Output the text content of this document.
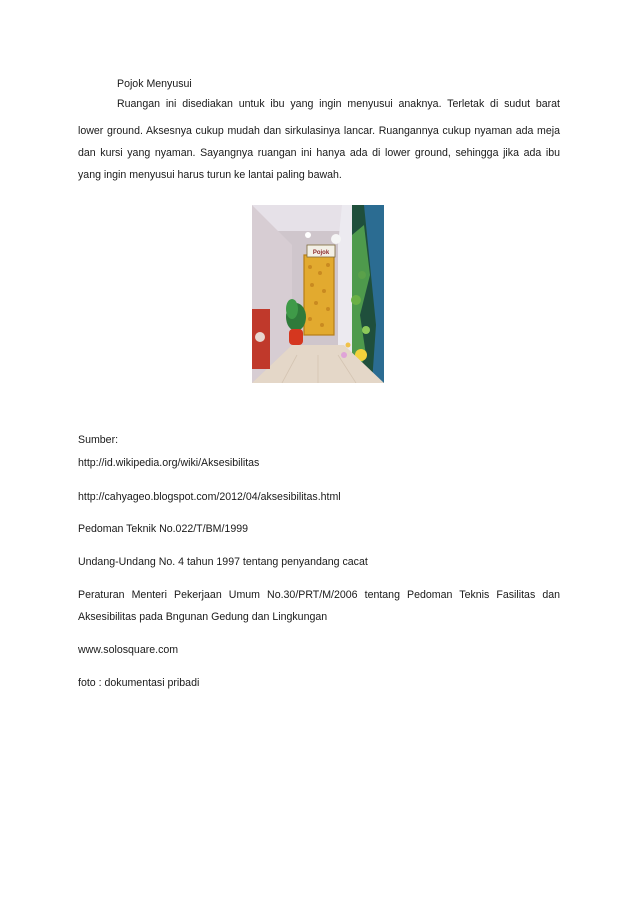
Pojok Menyusui
Ruangan ini disediakan untuk ibu yang ingin menyusui anaknya. Terletak di sudut barat
lower ground. Aksesnya cukup mudah dan sirkulasinya lancar. Ruangannya cukup nyaman ada meja
dan kursi yang nyaman. Sayangnya ruangan ini hanya ada di lower ground, sehingga jika ada ibu
yang ingin menyusui harus turun ke lantai paling bawah.
Pojok
Sumber:
http://id.wikipedia.org/wiki/Aksesibilitas
http://cahyageo.blogspot.com/2012/04/aksesibilitas.html
Pedoman Teknik No.022/T/BM/1999
Undang-Undang No. 4 tahun 1997 tentang penyandang cacat
Peraturan Menteri Pekerjaan Umum No.30/PRT/M/2006 tentang Pedoman Teknis Fasilitas dan
Aksesibilitas pada Bngunan Gedung dan Lingkungan
www.solosquare.com
foto : dokumentasi pribadi
